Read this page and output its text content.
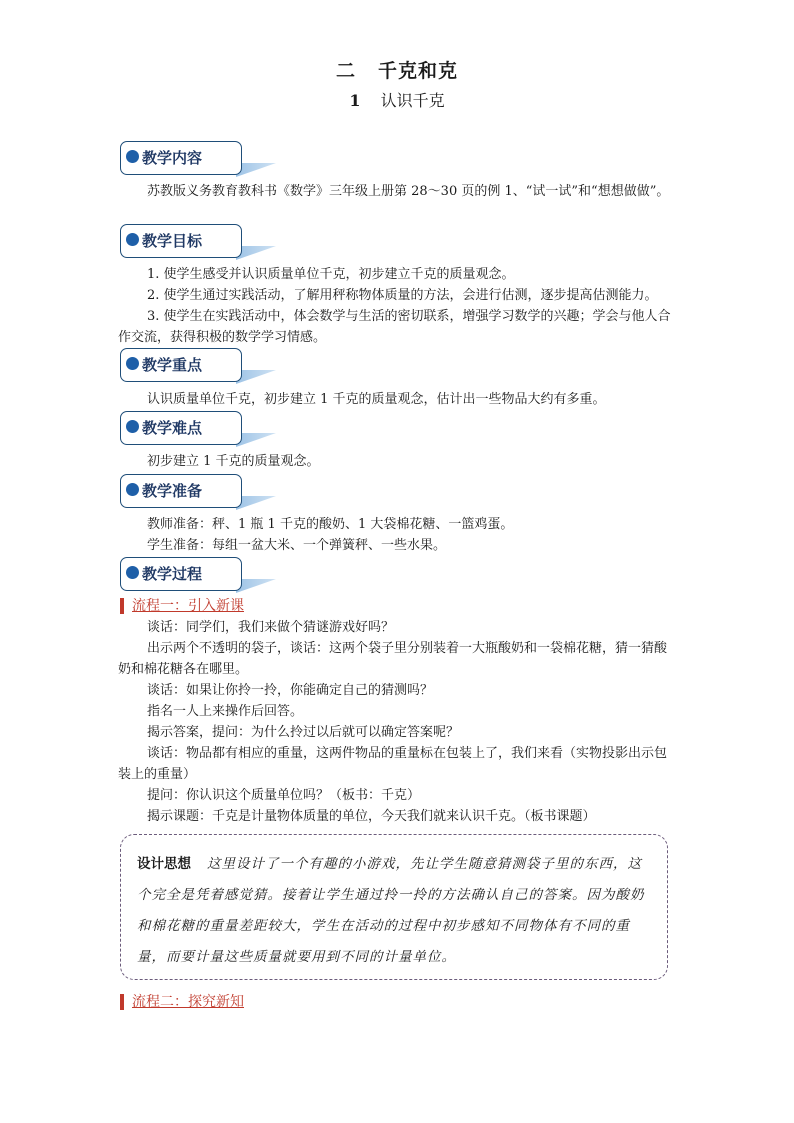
二 千克和克
1 认识千克
教学内容
苏教版义务教育教科书《数学》三年级上册第 28～30 页的例 1、“试一试”和“想想做做”。
教学目标
1. 使学生感受并认识质量单位千克，初步建立千克的质量观念。
2. 使学生通过实践活动，了解用秤称物体质量的方法，会进行估测，逐步提高估测能力。
3. 使学生在实践活动中，体会数学与生活的密切联系，增强学习数学的兴趣；学会与他人合作交流，获得积极的数学学习情感。
教学重点
认识质量单位千克，初步建立 1 千克的质量观念，估计出一些物品大约有多重。
教学难点
初步建立 1 千克的质量观念。
教学准备
教师准备：秤、1 瓶 1 千克的酸奶、1 大袋棉花糖、一篮鸡蛋。
学生准备：每组一盆大米、一个弹簧秤、一些水果。
教学过程
流程一：引入新课
谈话：同学们，我们来做个猜谜游戏好吗？
出示两个不透明的袋子，谈话：这两个袋子里分别装着一大瓶酸奶和一袋棉花糖，猜一猜酸奶和棉花糖各在哪里。
谈话：如果让你拎一拎，你能确定自己的猜测吗？
指名一人上来操作后回答。
揭示答案，提问：为什么拎过以后就可以确定答案呢？
谈话：物品都有相应的重量，这两件物品的重量标在包装上了，我们来看（实物投影出示包装上的重量）
提问：你认识这个质量单位吗？（板书：千克）
揭示课题：千克是计量物体质量的单位，今天我们就来认识千克。（板书课题）
设计思想 这里设计了一个有趣的小游戏，先让学生随意猜测袋子里的东西，这个完全是凭着感觉猜。接着让学生通过拎一拎的方法确认自己的答案。因为酸奶和棉花糖的重量差距较大，学生在活动的过程中初步感知不同物体有不同的重量，而要计量这些质量就要用到不同的计量单位。
流程二：探究新知
